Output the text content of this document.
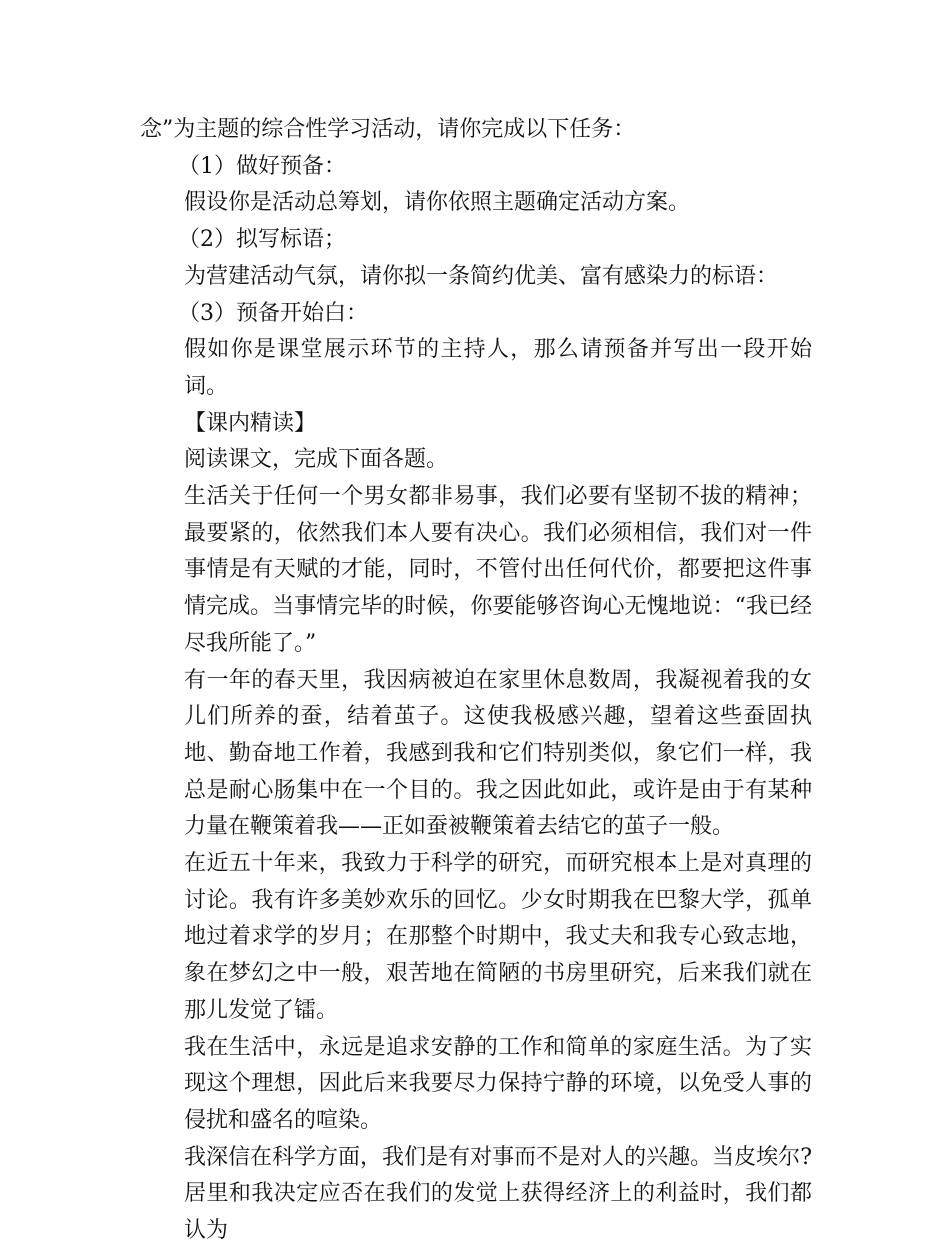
念”为主题的综合性学习活动，请你完成以下任务：

（1）做好预备：

假设你是活动总筹划，请你依照主题确定活动方案。

（2）拟写标语；

为营建活动气氛，请你拟一条简约优美、富有感染力的标语：

（3）预备开始白：

假如你是课堂展示环节的主持人，那么请预备并写出一段开始词。

【课内精读】

阅读课文，完成下面各题。

生活关于任何一个男女都非易事，我们必要有坚韧不拔的精神；最要紧的，依然我们本人要有决心。我们必须相信，我们对一件事情是有天赋的才能，同时，不管付出任何代价，都要把这件事情完成。当事情完毕的时候，你要能够咨询心无愧地说：“我已经尽我所能了。”

有一年的春天里，我因病被迫在家里休息数周，我凝视着我的女儿们所养的蚕，结着茧子。这使我极感兴趣，望着这些蚕固执地、勤奋地工作着，我感到我和它们特别类似，象它们一样，我总是耐心肠集中在一个目的。我之因此如此，或许是由于有某种力量在鞭策着我——正如蚕被鞭策着去结它的茧子一般。

在近五十年来，我致力于科学的研究，而研究根本上是对真理的讨论。我有许多美妙欢乐的回忆。少女时期我在巴黎大学，孤单地过着求学的岁月；在那整个时期中，我丈夫和我专心致志地，象在梦幻之中一般，艰苦地在简陋的书房里研究，后来我们就在那儿发觉了镭。

我在生活中，永远是追求安静的工作和简单的家庭生活。为了实现这个理想，因此后来我要尽力保持宁静的环境，以免受人事的侵扰和盛名的喧染。

我深信在科学方面，我们是有对事而不是对人的兴趣。当皮埃尔?居里和我决定应否在我们的发觉上获得经济上的利益时，我们都认为
